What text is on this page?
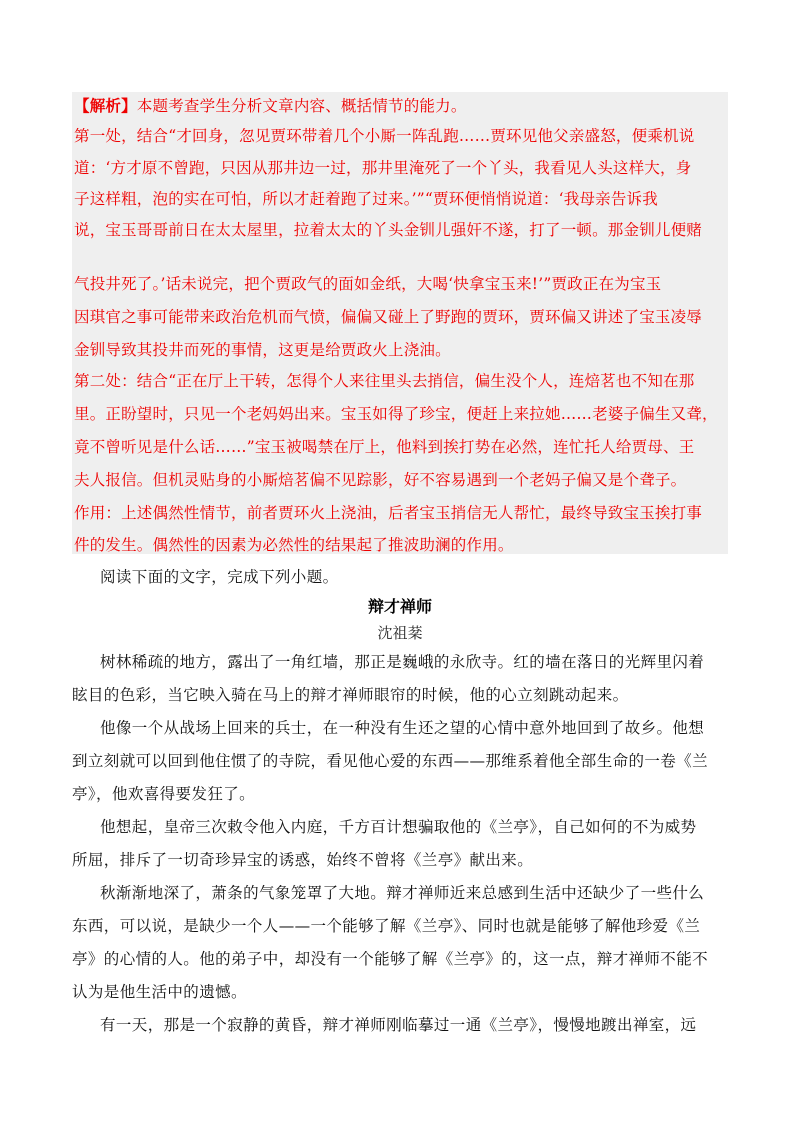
【解析】本题考查学生分析文章内容、概括情节的能力。
第一处，结合“才回身，忽见贾环带着几个小厮一阵乱跑……贾环见他父亲盛怒，便乘机说
道：‘方才原不曾跑，只因从那井边一过，那井里淹死了一个丫头，我看见人头这样大，身
子这样粗，泡的实在可怕，所以才赶着跑了过来。’”“贾环便悄悄说道：‘我母亲告诉我
说，宝玉哥哥前日在太太屋里，拉着太太的丫头金钏儿强奸不遂，打了一顿。那金钏儿便赌
气投井死了。’话未说完，把个贾政气的面如金纸，大喝‘快拿宝玉来!’”贾政正在为宝玉
因琪官之事可能带来政治危机而气愤，偏偏又碰上了野跑的贾环，贾环偏又讲述了宝玉凌辱
金钏导致其投井而死的事情，这更是给贾政火上浇油。
第二处：结合“正在厅上干转，怎得个人来往里头去捎信，偏生没个人，连焙茗也不知在那
里。正盼望时，只见一个老妈妈出来。宝玉如得了珍宝，便赶上来拉她……老婆子偏生又聋，
竟不曾听见是什么话……”宝玉被喝禁在厅上，他料到挨打势在必然，连忙托人给贾母、王
夫人报信。但机灵贴身的小厮焙茗偏不见踪影，好不容易遇到一个老妈子偏又是个聋子。
作用：上述偶然性情节，前者贾环火上浇油，后者宝玉捎信无人帮忙，最终导致宝玉挨打事
件的发生。偶然性的因素为必然性的结果起了推波助澜的作用。
阅读下面的文字，完成下列小题。
辩才禅师
沈祖棻
树林稀疏的地方，露出了一角红墙，那正是巍峨的永欣寺。红的墙在落日的光辉里闪着
眩目的色彩，当它映入骑在马上的辩才禅师眼帘的时候，他的心立刻跳动起来。
他像一个从战场上回来的兵士，在一种没有生还之望的心情中意外地回到了故乡。他想
到立刻就可以回到他住惯了的寺院，看见他心爱的东西——那维系着他全部生命的一卷《兰
亭》，他欢喜得要发狂了。
他想起，皇帝三次敕令他入内庭，千方百计想骗取他的《兰亭》，自己如何的不为威势
所屈，排斥了一切奇珍异宝的诱惑，始终不曾将《兰亭》献出来。
秋渐渐地深了，萧条的气象笼罩了大地。辩才禅师近来总感到生活中还缺少了一些什么
东西，可以说，是缺少一个人——一个能够了解《兰亭》、同时也就是能够了解他珍爱《兰
亭》的心情的人。他的弟子中，却没有一个能够了解《兰亭》的，这一点，辩才禅师不能不
认为是他生活中的遗憾。
有一天，那是一个寂静的黄昏，辩才禅师刚临摹过一通《兰亭》，慢慢地踱出禅室，远
